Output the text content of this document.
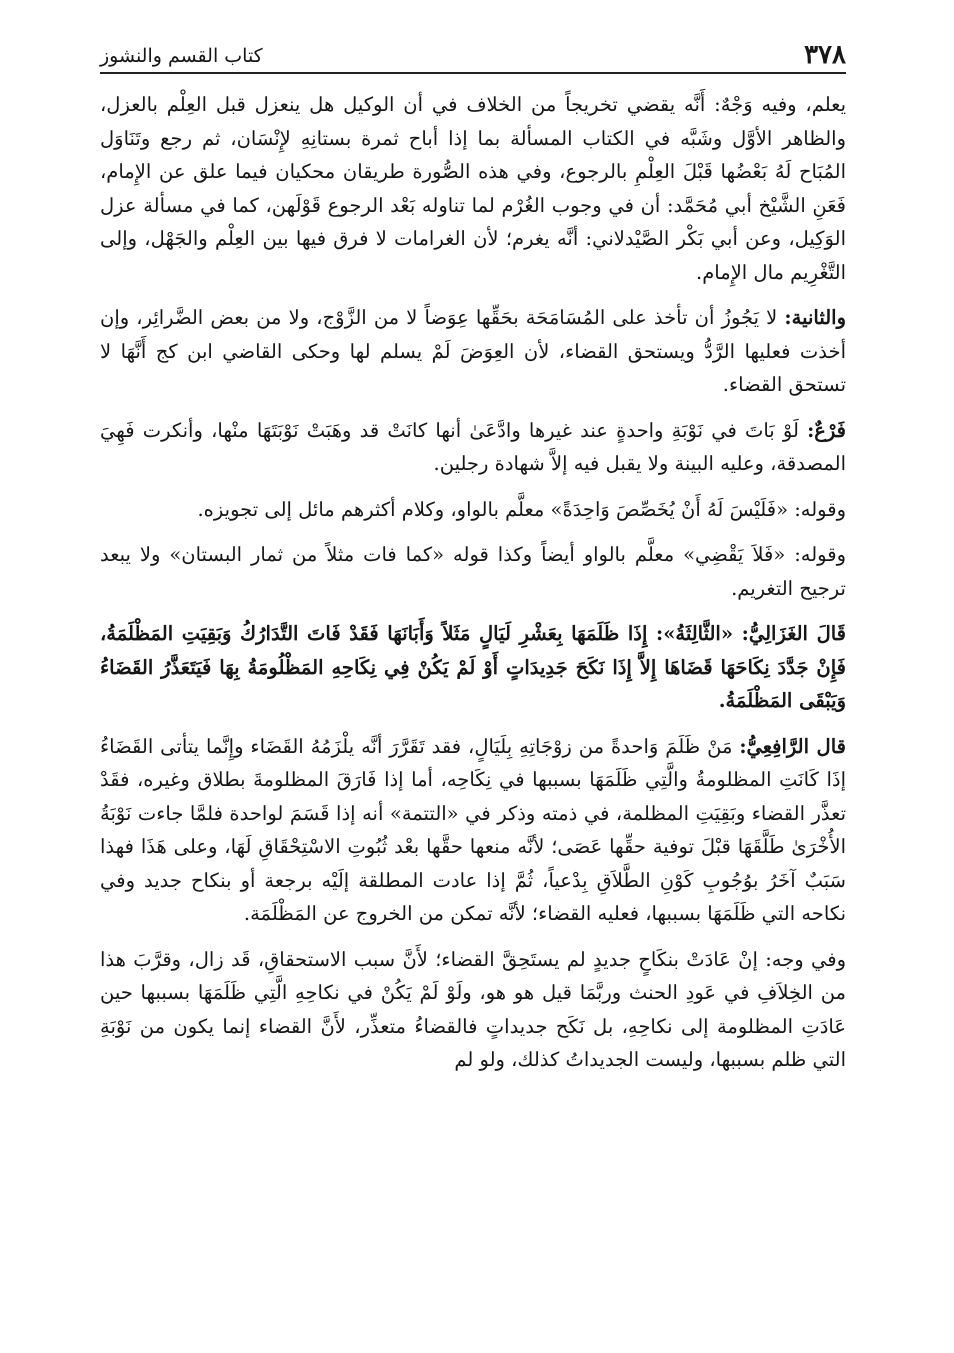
٣٧٨
كتاب القسم والنشوز

يعلم، وفيه وَجْهٌ: أَنَّه يقضي تخريجاً من الخلاف في أن الوكيل هل ينعزل قبل العِلْم بالعزل، والظاهر الأوَّل وشَبَّه في الكتاب المسألة بما إذا أباح ثمرة بستانِهِ لإِنْسَان، ثم رجع وتَنَاوَل المُبَاح لَهُ بَعْضُها قَبْلَ العِلْمِ بالرجوع، وفي هذه الصُّورة طريقان محكيان فيما علق عن الإِمام، فَعَنِ الشَّيْخ أبي مُحَمَّد: أن في وجوب الغُرْم لما تناوله بَعْد الرجوع قَوْلَهن، كما في مسألة عزل الوَكِيل، وعن أبي بَكْر الصَّيْدلاني: أنَّه يغرم؛ لأن الغرامات لا فرق فيها بين العِلْم والجَهْل، وإلى التَّغْرِيم مال الإِمام.

والثانية: لا يَجُوزُ أن تأخذ على المُسَامَحَة بحَقِّها عِوَضاً لا من الزَّوْج، ولا من بعض الضَّرائِر، وإن أخذت فعليها الرَّدُّ ويستحق القضاء، لأن العِوَضَ لَمْ يسلم لها وحكى القاضي ابن كج أَنَّهَا لا تستحق القضاء.

فَرْعٌ: لَوْ بَاتَ في نَوْبَةِ واحدةٍ عند غيرها وادَّعَىٰ أنها كانَتْ قد وهَبَتْ نَوْبَتَهَا منْها، وأنكرت فَهِيَ المصدقة، وعليه البينة ولا يقبل فيه إلاَّ شهادة رجلين.

وقوله: «فَلَيْسَ لَهُ أَنْ يُخَصِّصَ وَاحِدَةً» معلَّم بالواو، وكلام أكثرهم مائل إلى تجويزه.

وقوله: «فَلاَ يَقْضِي» معلَّم بالواو أيضاً وكذا قوله «كما فات مثلاً من ثمار البستان» ولا يبعد ترجيح التغريم.

قَالَ الغَزَالِيُّ: «الثَّالِثَةُ»: إِذَا ظَلَمَهَا بِعَشْرِ لَيَالٍ مَثَلاً وَأَبَانَهَا فَقَدْ فَاتَ التَّدَارُكُ وَبَقِيَتِ المَظْلَمَةُ، فَإِنْ جَدَّدَ نِكَاحَهَا قَضَاهَا إِلاَّ إِذَا نَكَحَ جَدِيدَاتٍ أَوْ لَمْ يَكُنْ فِي نِكَاحِهِ المَظْلُومَةُ بِهَا فَيَتَعَذَّرُ القَضَاءُ وَيَبْقَى المَظْلَمَةُ.

قال الرَّافِعِيُّ: مَنْ ظَلَمَ وَاحدةً من زوْجَاتِهِ بِلَيَالٍ، فقد تَقَرَّرَ أنَّه يلْزَمُهُ القَضَاء وإِنَّما يتأتى القَضَاءُ إذَا كَانَتِ المظلومةُ والَّتِي ظَلَمَهَا بسببها في نِكَاحِه، أما إذا فَارَقَ المظلومةَ بطلاق وغيره، فقَدْ تعذَّر القضاء وبَقِيَتِ المظلمة، في ذمته وذكر في «التتمة» أنه إذا قَسَمَ لواحدة فلمَّا جاءت نَوْبَةُ الأُخْرَىٰ طَلَّقَهَا قبْلَ توفية حقِّها عَصَى؛ لأنَّه منعها حقَّها بعْد ثُبُوتِ الاسْتِحْقَاقِ لَهَا، وعلى هَذَا فهذا سَبَبٌ آخَرُ بوُجُوبِ كَوْنِ الطَّلاَقِ بِدْعياً، ثُمَّ إذا عادت المطلقة إلَيْه برجعة أو بنكاح جديد وفي نكاحه التي ظَلَمَهَا بسببها، فعليه القضاء؛ لأنَّه تمكن من الخروج عن المَظْلَمَة.

وفي وجه: إنْ عَادَتْ بنكَاحٍ جديدٍ لم يستَحِقَّ القضاء؛ لأَنَّ سبب الاستحقاقِ، قَد زال، وقرَّبَ هذا من الخِلاَفِ في عَودِ الحنث وربَّمَا قيل هو هو، ولَوْ لَمْ يَكُنْ في نكاحِهِ الَّتِي ظَلَمَهَا بسببها حين عَادَتِ المظلومة إلى نكاحِهِ، بل نَكَح جديداتٍ فالقضاءُ متعذِّر، لأَنَّ القضاء إنما يكون من نَوْبَةِ التي ظلم بسببها، وليست الجديداتُ كذلك، ولو لم
